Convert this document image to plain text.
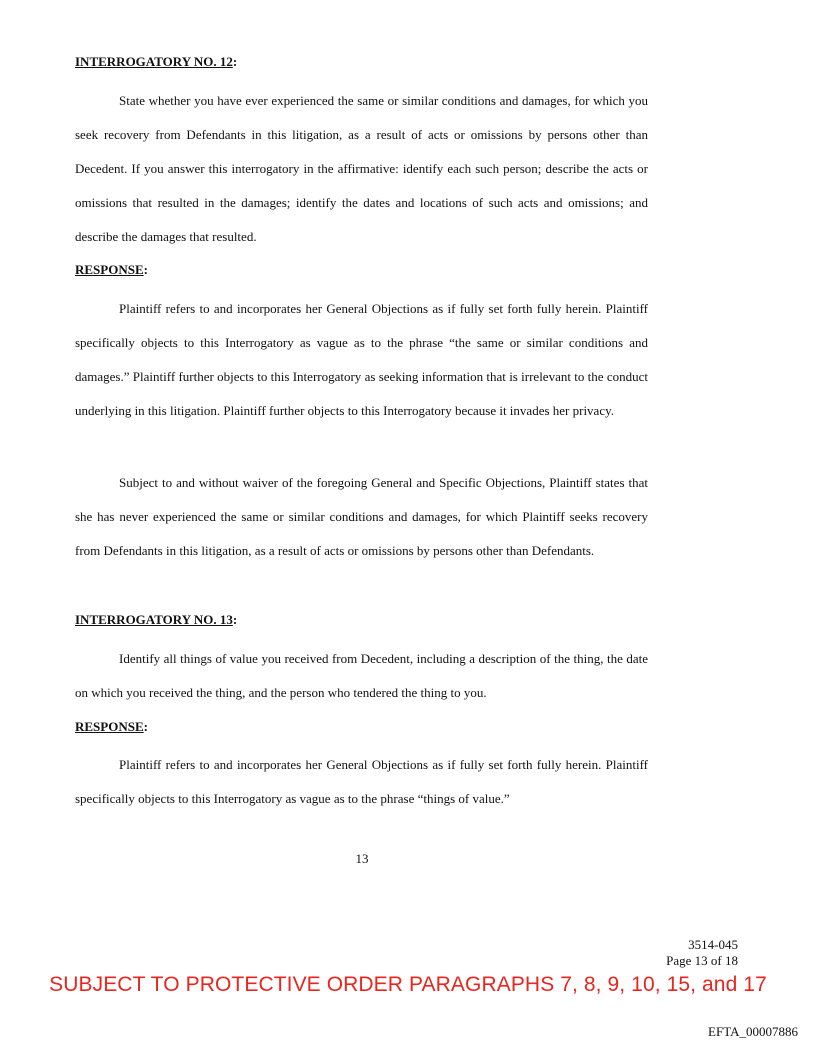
INTERROGATORY NO. 12:

State whether you have ever experienced the same or similar conditions and damages, for which you seek recovery from Defendants in this litigation, as a result of acts or omissions by persons other than Decedent. If you answer this interrogatory in the affirmative: identify each such person; describe the acts or omissions that resulted in the damages; identify the dates and locations of such acts and omissions; and describe the damages that resulted.

RESPONSE:

Plaintiff refers to and incorporates her General Objections as if fully set forth fully herein. Plaintiff specifically objects to this Interrogatory as vague as to the phrase “the same or similar conditions and damages.” Plaintiff further objects to this Interrogatory as seeking information that is irrelevant to the conduct underlying in this litigation. Plaintiff further objects to this Interrogatory because it invades her privacy.

Subject to and without waiver of the foregoing General and Specific Objections, Plaintiff states that she has never experienced the same or similar conditions and damages, for which Plaintiff seeks recovery from Defendants in this litigation, as a result of acts or omissions by persons other than Defendants.

INTERROGATORY NO. 13:

Identify all things of value you received from Decedent, including a description of the thing, the date on which you received the thing, and the person who tendered the thing to you.

RESPONSE:

Plaintiff refers to and incorporates her General Objections as if fully set forth fully herein. Plaintiff specifically objects to this Interrogatory as vague as to the phrase “things of value.”

13
3514-045
Page 13 of 18
SUBJECT TO PROTECTIVE ORDER PARAGRAPHS 7, 8, 9, 10, 15, and 17
EFTA_00007886
